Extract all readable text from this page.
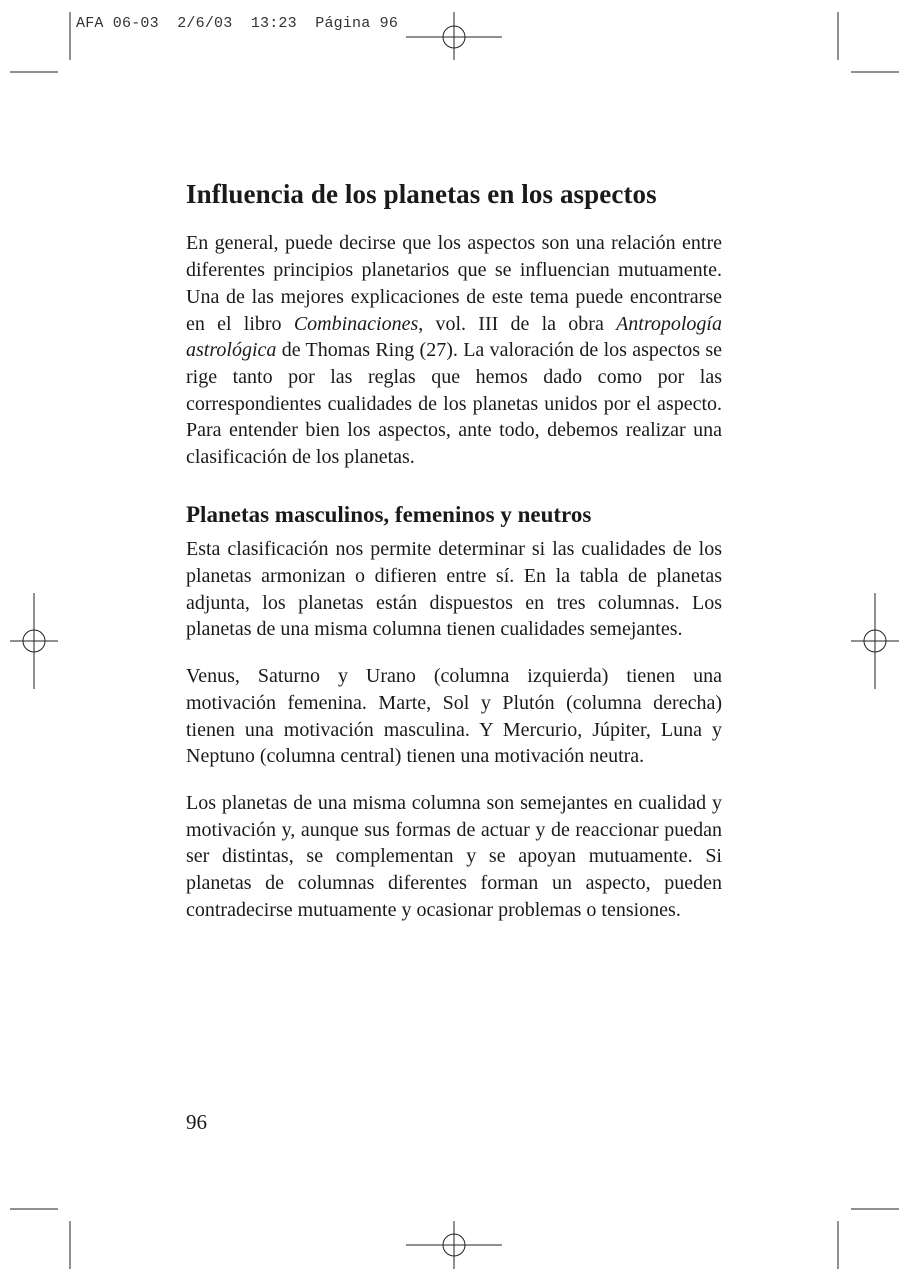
AFA 06-03  2/6/03  13:23  Página 96
Influencia de los planetas en los aspectos

En general, puede decirse que los aspectos son una relación entre diferentes principios planetarios que se influencian mutuamente. Una de las mejores explicaciones de este tema puede encontrarse en el libro Combinaciones, vol. III de la obra Antropología astrológica de Thomas Ring (27). La valoración de los aspectos se rige tanto por las reglas que hemos dado como por las correspondientes cualidades de los planetas unidos por el aspecto. Para entender bien los aspectos, ante todo, debemos realizar una clasificación de los planetas.

Planetas masculinos, femeninos y neutros

Esta clasificación nos permite determinar si las cualidades de los planetas armonizan o difieren entre sí. En la tabla de planetas adjunta, los planetas están dispuestos en tres columnas. Los planetas de una misma columna tienen cualidades semejantes.

Venus, Saturno y Urano (columna izquierda) tienen una motivación femenina. Marte, Sol y Plutón (columna derecha) tienen una motivación masculina. Y Mercurio, Júpiter, Luna y Neptuno (columna central) tienen una motivación neutra.

Los planetas de una misma columna son semejantes en cualidad y motivación y, aunque sus formas de actuar y de reaccionar puedan ser distintas, se complementan y se apoyan mutuamente. Si planetas de columnas diferentes forman un aspecto, pueden contradecirse mutuamente y ocasionar problemas o tensiones.

96
